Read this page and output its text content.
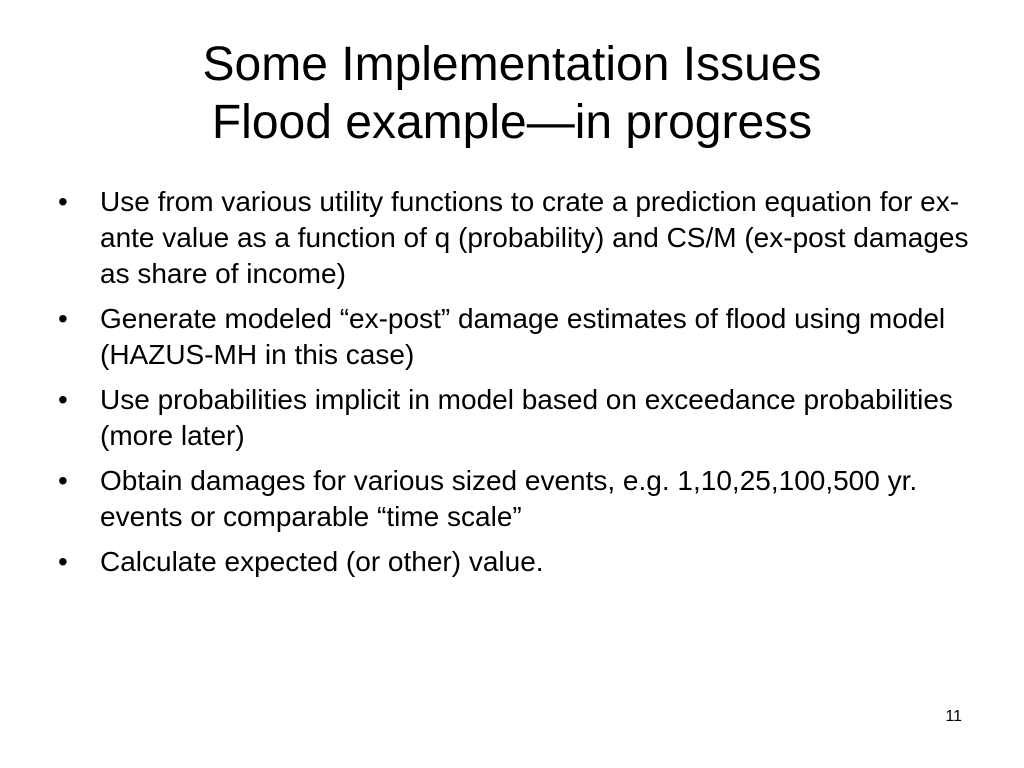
Some Implementation Issues
Flood example—in progress
• Use from various utility functions to crate a prediction equation for ex-ante value as a function of q (probability) and CS/M (ex-post damages as share of income)
• Generate modeled “ex-post” damage estimates of flood using model (HAZUS-MH in this case)
• Use probabilities implicit in model based on exceedance probabilities (more later)
• Obtain damages for various sized events, e.g. 1,10,25,100,500 yr. events or comparable “time scale”
• Calculate expected (or other) value.
11
